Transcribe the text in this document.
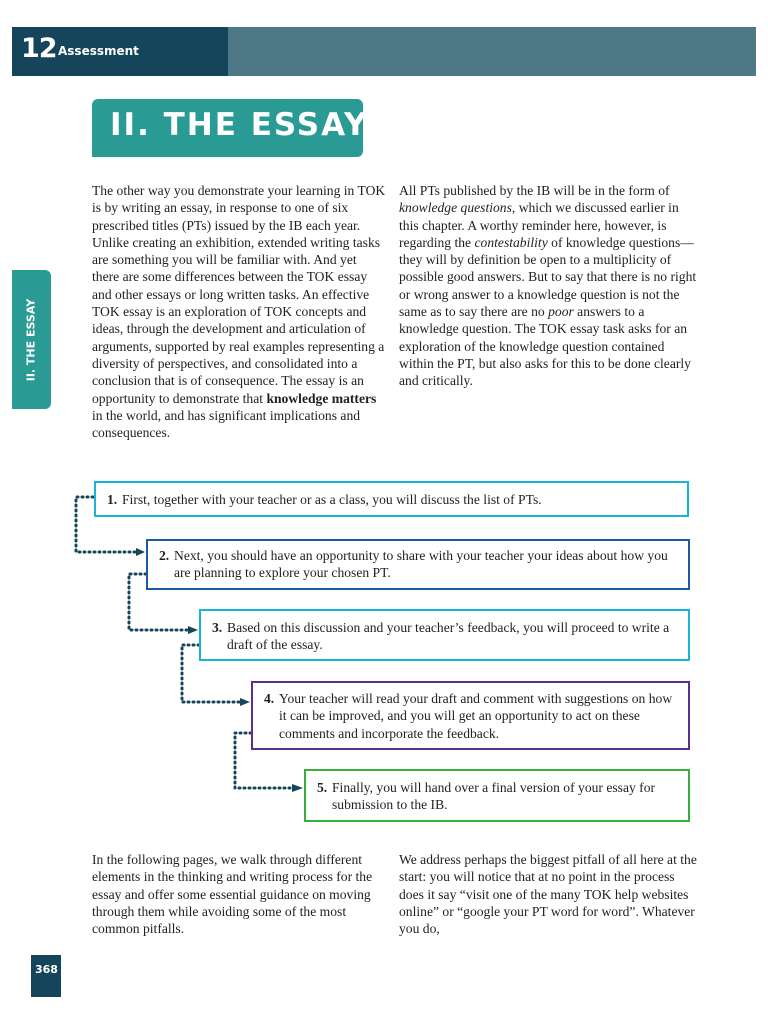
12 Assessment
II. THE ESSAY
II. THE ESSAY

The other way you demonstrate your learning in TOK is by writing an essay, in response to one of six prescribed titles (PTs) issued by the IB each year. Unlike creating an exhibition, extended writing tasks are something you will be familiar with. And yet there are some differences between the TOK essay and other essays or long written tasks. An effective TOK essay is an exploration of TOK concepts and ideas, through the development and articulation of arguments, supported by real examples representing a diversity of perspectives, and consolidated into a conclusion that is of consequence. The essay is an opportunity to demonstrate that knowledge matters in the world, and has significant implications and consequences.

All PTs published by the IB will be in the form of knowledge questions, which we discussed earlier in this chapter. A worthy reminder here, however, is regarding the contestability of knowledge questions—they will by definition be open to a multiplicity of possible good answers. But to say that there is no right or wrong answer to a knowledge question is not the same as to say there are no poor answers to a knowledge question. The TOK essay task asks for an exploration of the knowledge question contained within the PT, but also asks for this to be done clearly and critically.

1. First, together with your teacher or as a class, you will discuss the list of PTs.
2. Next, you should have an opportunity to share with your teacher your ideas about how you are planning to explore your chosen PT.
3. Based on this discussion and your teacher’s feedback, you will proceed to write a draft of the essay.
4. Your teacher will read your draft and comment with suggestions on how it can be improved, and you will get an opportunity to act on these comments and incorporate the feedback.
5. Finally, you will hand over a final version of your essay for submission to the IB.

In the following pages, we walk through different elements in the thinking and writing process for the essay and offer some essential guidance on moving through them while avoiding some of the most common pitfalls.

We address perhaps the biggest pitfall of all here at the start: you will notice that at no point in the process does it say “visit one of the many TOK help websites online” or “google your PT word for word”. Whatever you do,

368
